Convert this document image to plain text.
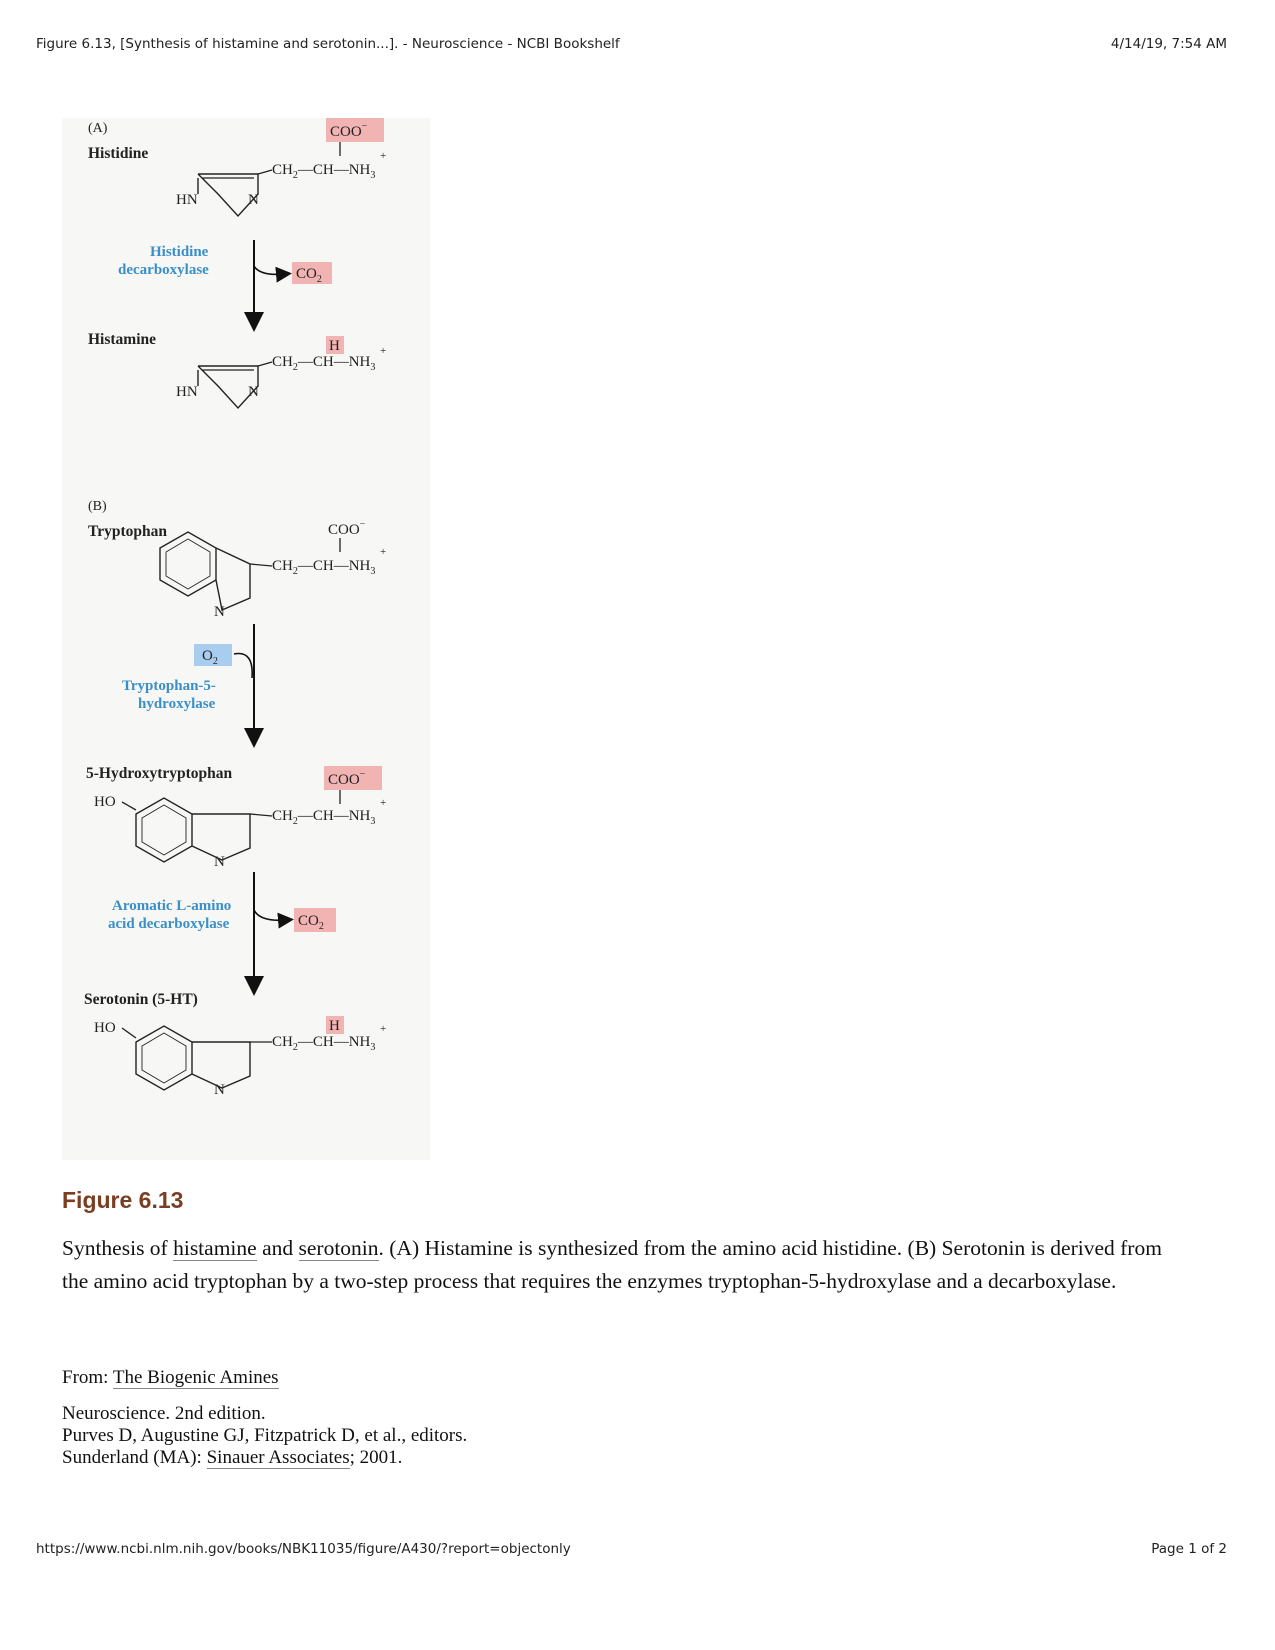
Figure 6.13, [Synthesis of histamine and serotonin...]. - Neuroscience - NCBI Bookshelf	4/14/19, 7:54 AM
(A)
Histidine
COO−
+
$CH_2—CH—NH_3$
HN	N
Histidine
decarboxylase	$CO_2$
Histamine	H	+
$CH_2—CH—NH_3$
HN	N
(B)
Tryptophan	COO−
+
$CH_2—CH—NH_3$
N
$O_2$
Tryptophan-5-
hydroxylase
5-Hydroxytryptophan	COO−
+
$CH_2—CH—NH_3$
HO
N
Aromatic L-amino
acid decarboxylase	$CO_2$
Serotonin (5-HT)
H	+
$CH_2—CH—NH_3$
HO
N
Figure 6.13

Synthesis of histamine and serotonin. (A) Histamine is synthesized from the amino acid histidine. (B) Serotonin is derived from the amino acid tryptophan by a two-step process that requires the enzymes tryptophan-5-hydroxylase and a decarboxylase.

From: The Biogenic Amines
Neuroscience. 2nd edition.
Purves D, Augustine GJ, Fitzpatrick D, et al., editors.
Sunderland (MA): Sinauer Associates; 2001.
https://www.ncbi.nlm.nih.gov/books/NBK11035/figure/A430/?report=objectonly	Page 1 of 2
